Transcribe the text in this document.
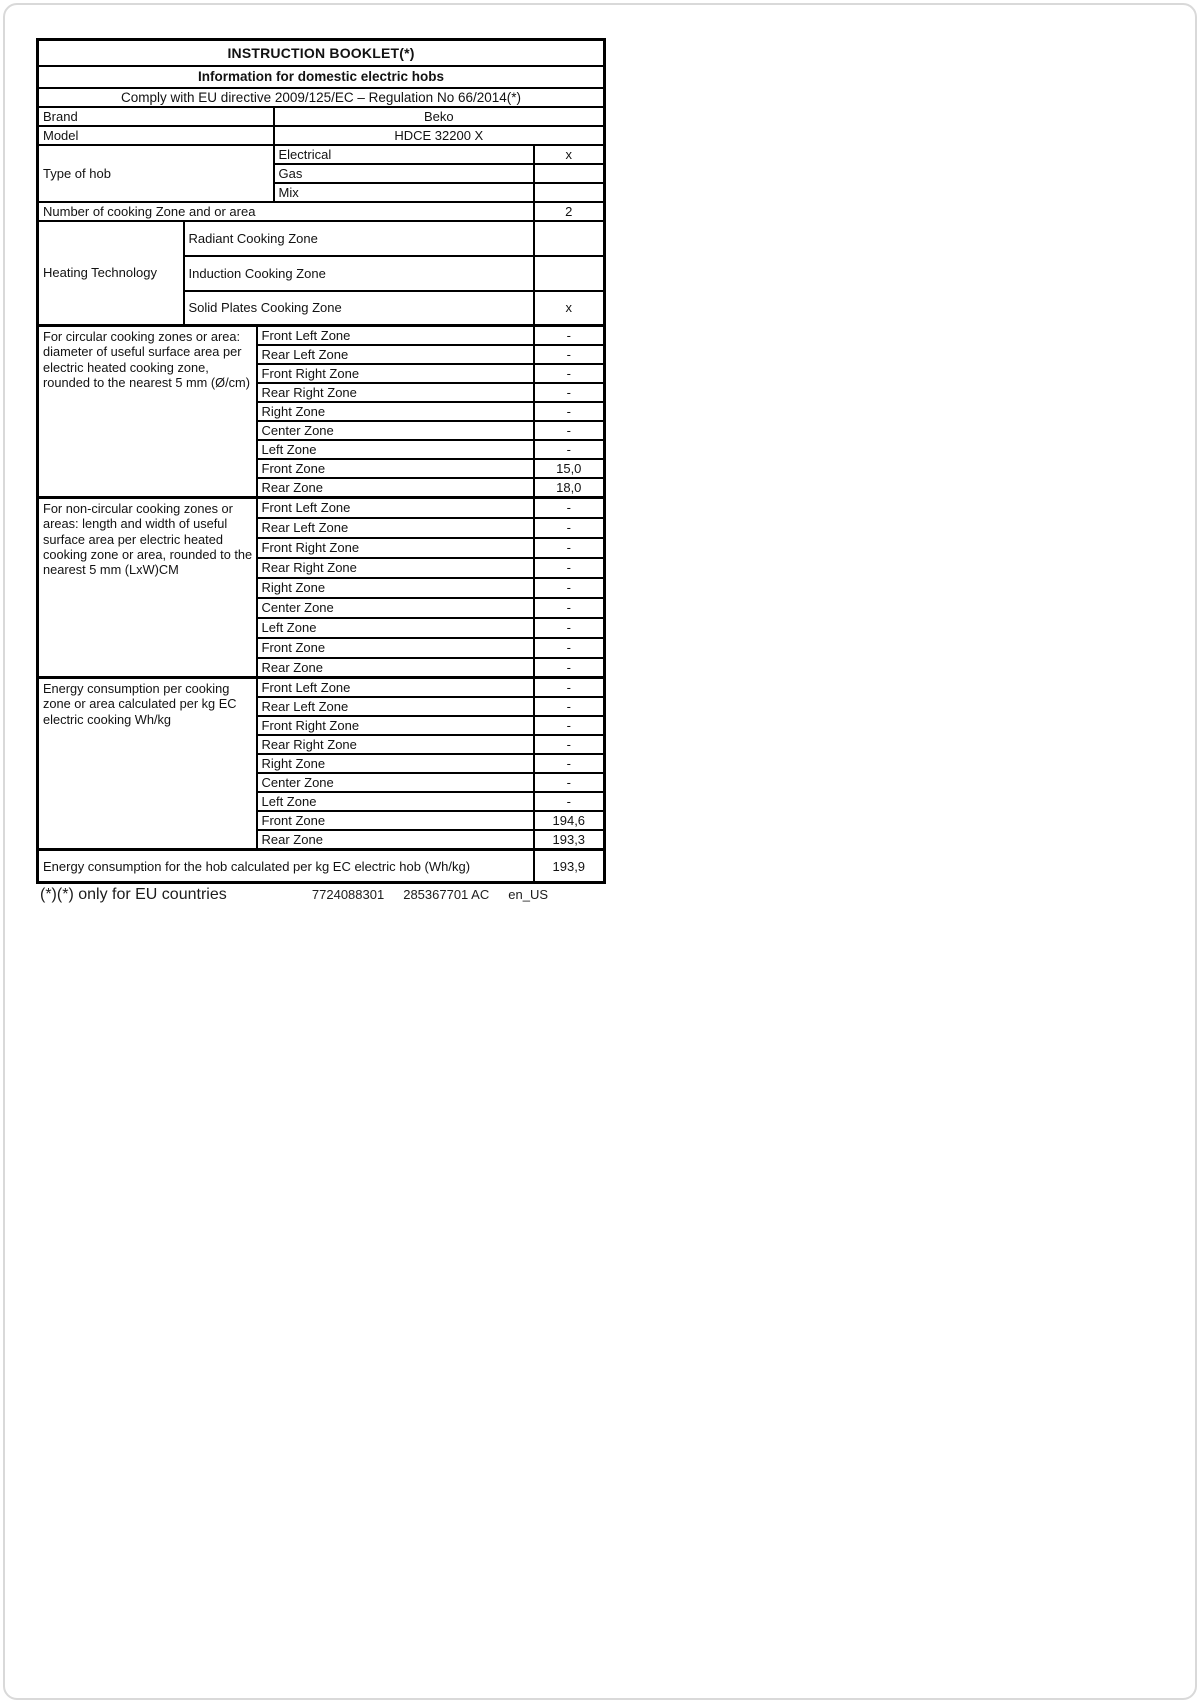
INSTRUCTION BOOKLET(*)				
Information for domestic electric hobs				
Comply with EU directive 2009/125/EC – Regulation No 66/2014(*)				
Brand			Beko	
Model			HDCE 32200 X	
Type of hob			Electrical	x
			Gas	
			Mix	
Number of cooking Zone and or area				2
Heating Technology	Radiant Cooking Zone			
	Induction Cooking Zone			
	Solid Plates Cooking Zone			x
For circular cooking zones or area: diameter of useful surface area per electric heated cooking zone, rounded to the nearest 5 mm (Ø/cm)		Front Left Zone		-
		Rear Left Zone		-
		Front Right Zone		-
		Rear Right Zone		-
		Right Zone		-
		Center Zone		-
		Left Zone		-
		Front Zone		15,0
		Rear Zone		18,0
For non-circular cooking zones or areas: length and width of useful surface area per electric heated cooking zone or area, rounded to the nearest 5 mm (LxW)CM		Front Left Zone		-
		Rear Left Zone		-
		Front Right Zone		-
		Rear Right Zone		-
		Right Zone		-
		Center Zone		-
		Left Zone		-
		Front Zone		-
		Rear Zone		-
Energy consumption per cooking zone or area calculated per kg EC electric cooking Wh/kg		Front Left Zone		-
		Rear Left Zone		-
		Front Right Zone		-
		Rear Right Zone		-
		Right Zone		-
		Center Zone		-
		Left Zone		-
		Front Zone		194,6
		Rear Zone		193,3
Energy consumption for the hob calculated per kg EC electric hob (Wh/kg)				193,9
(*)(*) only for EU countries	7724088301 285367701 AC en_US
